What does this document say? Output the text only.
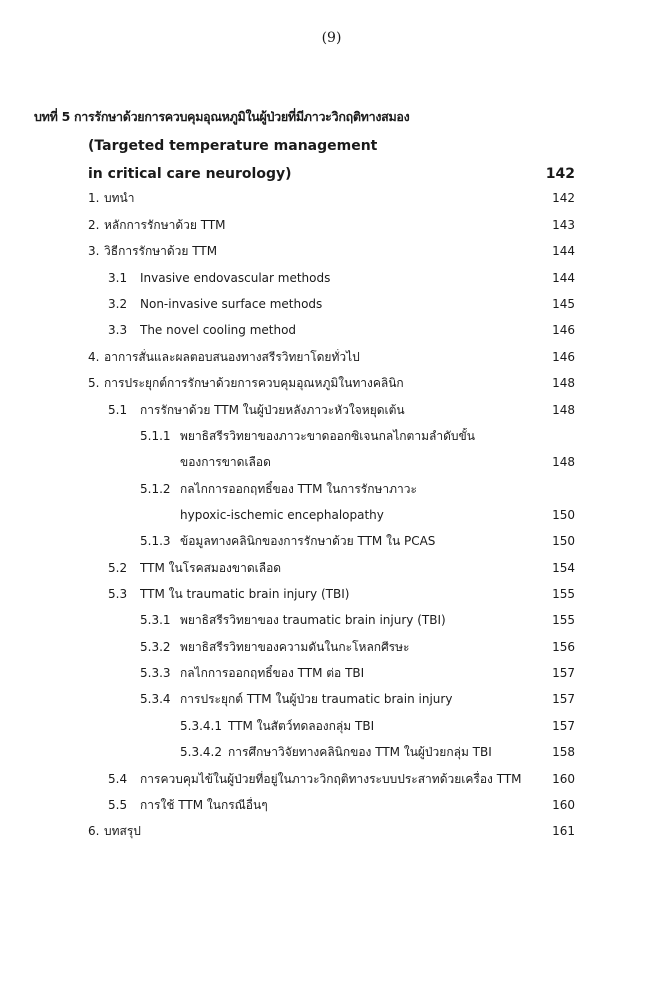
(9)
บทที่ 5 การรักษาด้วยการควบคุมอุณหภูมิในผู้ป่วยที่มีภาวะวิกฤติทางสมอง
(Targeted temperature management
in critical care neurology)	142
1. บทนำ	142
2. หลักการรักษาด้วย TTM	143
3. วิธีการรักษาด้วย TTM	144
3.1 Invasive endovascular methods	144
3.2 Non-invasive surface methods	145
3.3 The novel cooling method	146
4. อาการสั่นและผลตอบสนองทางสรีรวิทยาโดยทั่วไป	146
5. การประยุกต์การรักษาด้วยการควบคุมอุณหภูมิในทางคลินิก	148
5.1 การรักษาด้วย TTM ในผู้ป่วยหลังภาวะหัวใจหยุดเต้น	148
5.1.1 พยาธิสรีรวิทยาของภาวะขาดออกซิเจนกลไกตามลำดับขั้น
ของการขาดเลือด	148
5.1.2 กลไกการออกฤทธิ์ของ TTM ในการรักษาภาวะ
hypoxic-ischemic encephalopathy	150
5.1.3 ข้อมูลทางคลินิกของการรักษาด้วย TTM ใน PCAS	150
5.2 TTM ในโรคสมองขาดเลือด	154
5.3 TTM ใน traumatic brain injury (TBI)	155
5.3.1 พยาธิสรีรวิทยาของ traumatic brain injury (TBI)	155
5.3.2 พยาธิสรีรวิทยาของความดันในกะโหลกศีรษะ	156
5.3.3 กลไกการออกฤทธิ์ของ TTM ต่อ TBI	157
5.3.4 การประยุกต์ TTM ในผู้ป่วย traumatic brain injury	157
5.3.4.1 TTM ในสัตว์ทดลองกลุ่ม TBI	157
5.3.4.2 การศึกษาวิจัยทางคลินิกของ TTM ในผู้ป่วยกลุ่ม TBI	158
5.4 การควบคุมไข้ในผู้ป่วยที่อยู่ในภาวะวิกฤติทางระบบประสาทด้วยเครื่อง TTM	160
5.5 การใช้ TTM ในกรณีอื่นๆ	160
6. บทสรุป	161
